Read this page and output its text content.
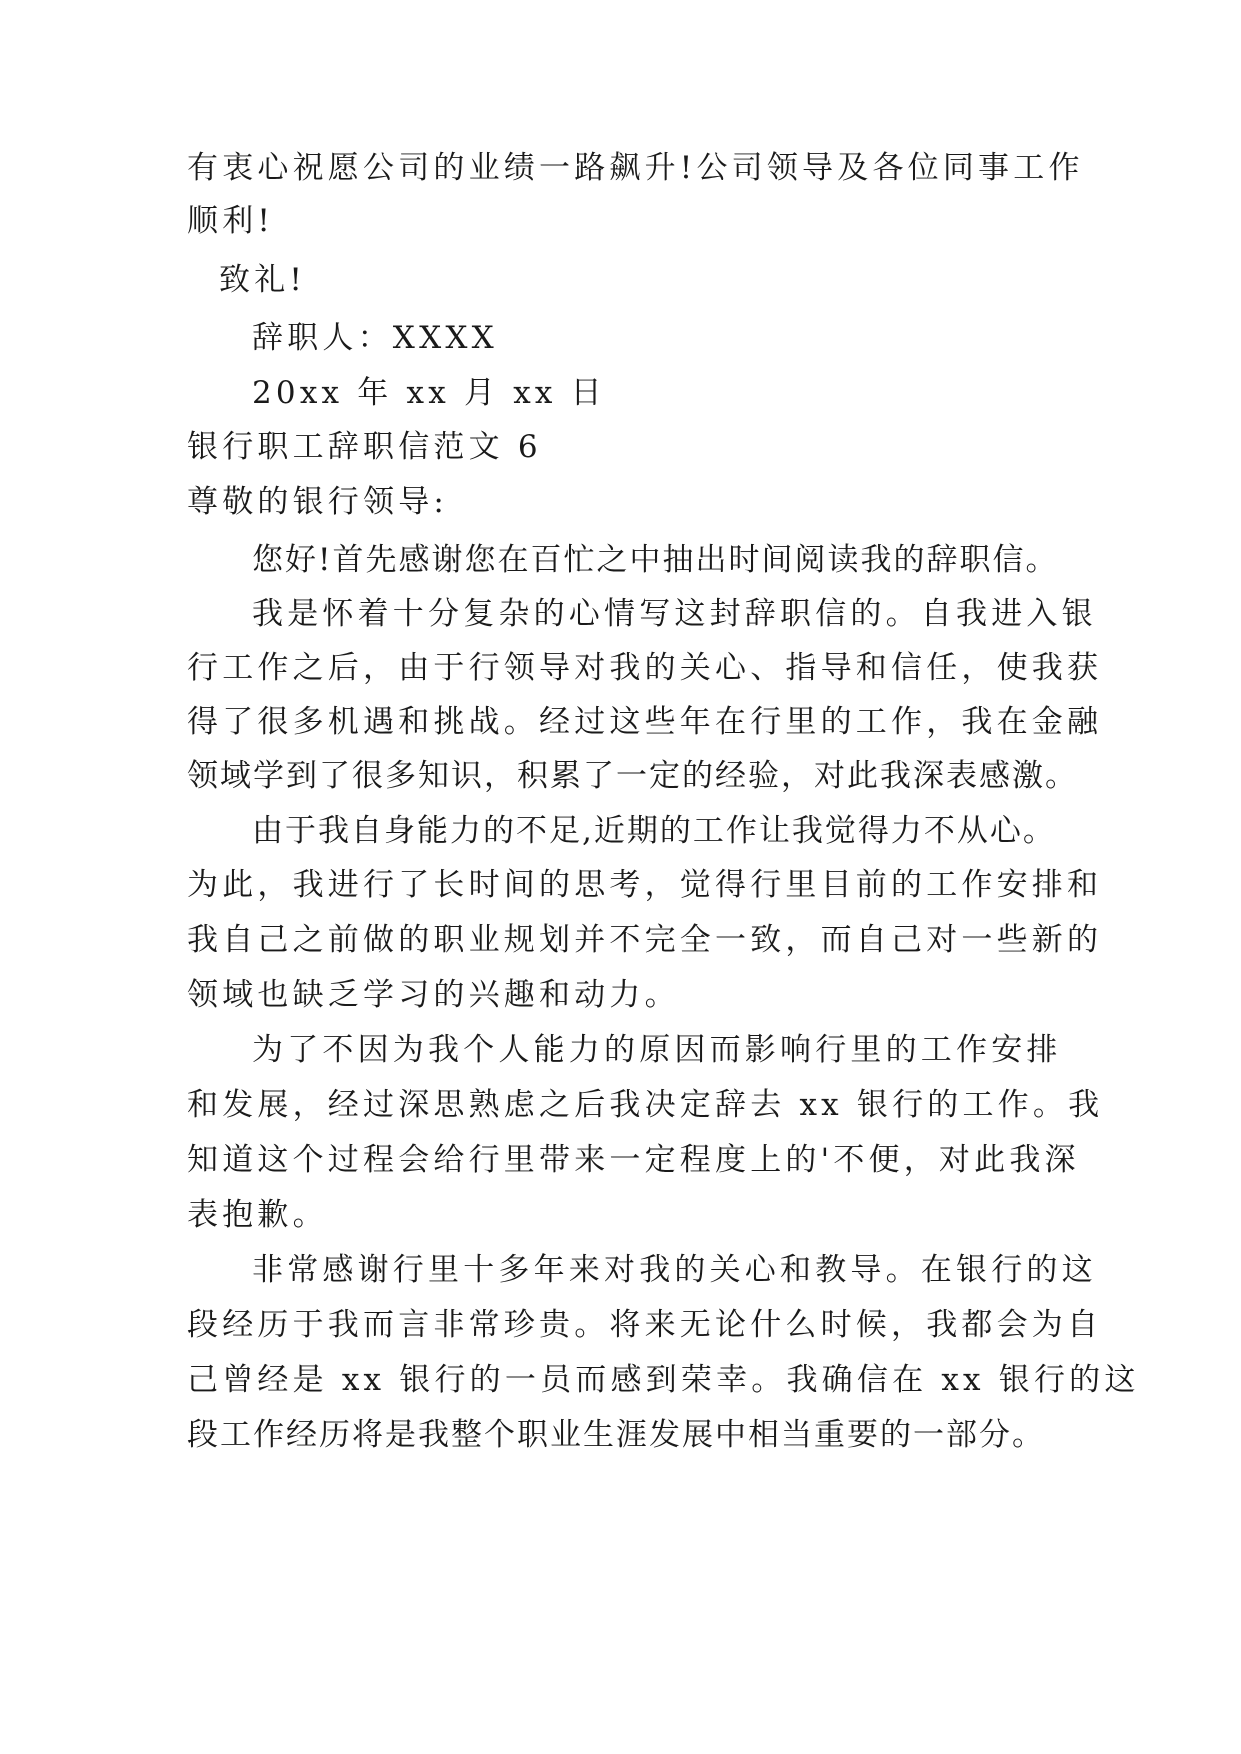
有衷心祝愿公司的业绩一路飙升!公司领导及各位同事工作
顺利!
致礼!
辞职人：XXXX
20xx 年 xx 月 xx 日
银行职工辞职信范文 6
尊敬的银行领导:
您好!首先感谢您在百忙之中抽出时间阅读我的辞职信。
我是怀着十分复杂的心情写这封辞职信的。自我进入银
行工作之后，由于行领导对我的关心、指导和信任，使我获
得了很多机遇和挑战。经过这些年在行里的工作，我在金融
领域学到了很多知识，积累了一定的经验，对此我深表感激。
由于我自身能力的不足,近期的工作让我觉得力不从心。
为此，我进行了长时间的思考，觉得行里目前的工作安排和
我自己之前做的职业规划并不完全一致，而自己对一些新的
领域也缺乏学习的兴趣和动力。
为了不因为我个人能力的原因而影响行里的工作安排
和发展，经过深思熟虑之后我决定辞去 xx 银行的工作。我
知道这个过程会给行里带来一定程度上的'不便，对此我深
表抱歉。
非常感谢行里十多年来对我的关心和教导。在银行的这
段经历于我而言非常珍贵。将来无论什么时候，我都会为自
己曾经是 xx 银行的一员而感到荣幸。我确信在 xx 银行的这
段工作经历将是我整个职业生涯发展中相当重要的一部分。
